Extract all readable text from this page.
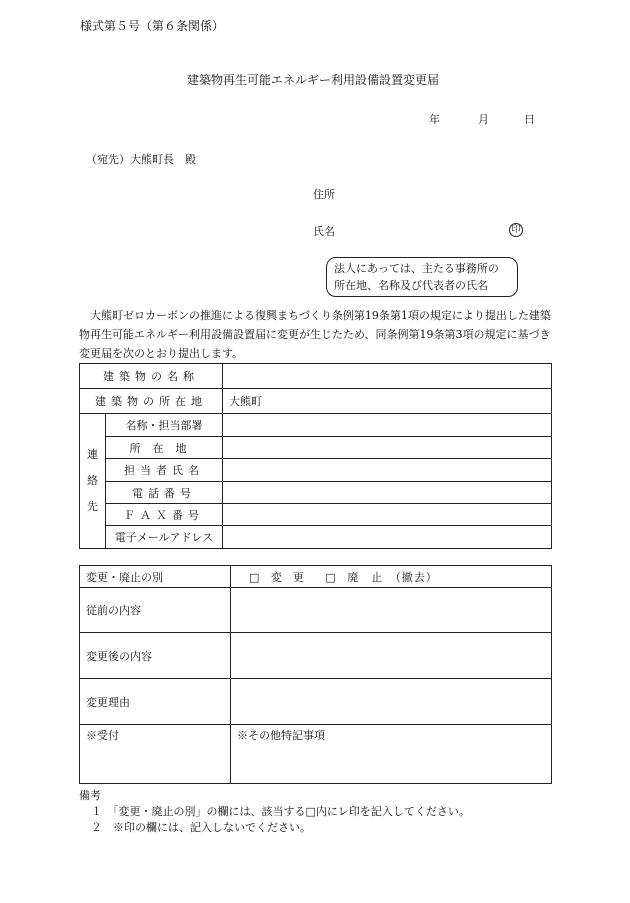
様式第５号（第６条関係）
建築物再生可能エネルギー利用設備設置変更届
年	月	日
（宛先）大熊町長　殿
住所
氏名	印
法人にあっては、主たる事務所の
所在地、名称及び代表者の氏名
大熊町ゼロカーボンの推進による復興まちづくり条例第19条第1項の規定により提出した建築物再生可能エネルギー利用設備設置届に変更が生じたため、同条例第19条第3項の規定に基づき変更届を次のとおり提出します。
建築物の名称		
建築物の所在地		大熊町
連絡先	名称・担当部署	
	所在地	
	担当者氏名	
	電話番号	
	ＦＡＸ番号	
	電子メールアドレス	
変更・廃止の別	□ 変　更 □ 廃　止　（撤去）
従前の内容	
変更後の内容	
変更理由	
※受付	※その他特記事項
備考
１　「変更・廃止の別」の欄には、該当する□内にレ印を記入してください。
２　※印の欄には、記入しないでください。
